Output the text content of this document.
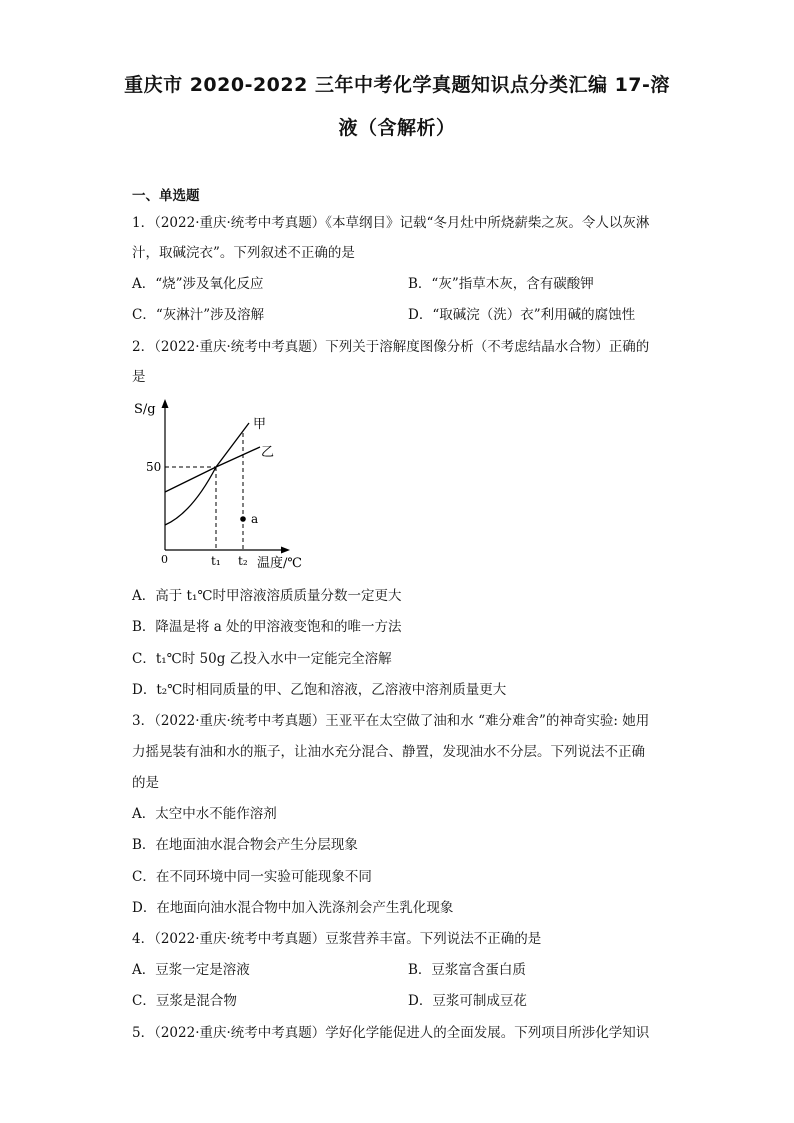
重庆市 2020-2022 三年中考化学真题知识点分类汇编 17-溶
液（含解析）
一、单选题
1．（2022·重庆·统考中考真题）《本草纲目》记载“冬月灶中所烧薪柴之灰。令人以灰淋
汁，取碱浣衣”。下列叙述不正确的是
A．“烧”涉及氧化反应	B．“灰”指草木灰，含有碳酸钾
C．“灰淋汁”涉及溶解	D．“取碱浣（洗）衣”利用碱的腐蚀性
2．（2022·重庆·统考中考真题）下列关于溶解度图像分析（不考虑结晶水合物）正确的
是
S/g
50
0	t₁ t₂ 温度/℃
甲
乙
a
A．高于 t₁℃时甲溶液溶质质量分数一定更大
B．降温是将 a 处的甲溶液变饱和的唯一方法
C．t₁℃时 50g 乙投入水中一定能完全溶解
D．t₂℃时相同质量的甲、乙饱和溶液，乙溶液中溶剂质量更大
3．（2022·重庆·统考中考真题）王亚平在太空做了油和水 “难分难舍”的神奇实验: 她用
力摇晃装有油和水的瓶子，让油水充分混合、静置，发现油水不分层。下列说法不正确
的是
A．太空中水不能作溶剂
B．在地面油水混合物会产生分层现象
C．在不同环境中同一实验可能现象不同
D．在地面向油水混合物中加入洗涤剂会产生乳化现象
4．（2022·重庆·统考中考真题）豆浆营养丰富。下列说法不正确的是
A．豆浆一定是溶液	B．豆浆富含蛋白质
C．豆浆是混合物	D．豆浆可制成豆花
5．（2022·重庆·统考中考真题）学好化学能促进人的全面发展。下列项目所涉化学知识
